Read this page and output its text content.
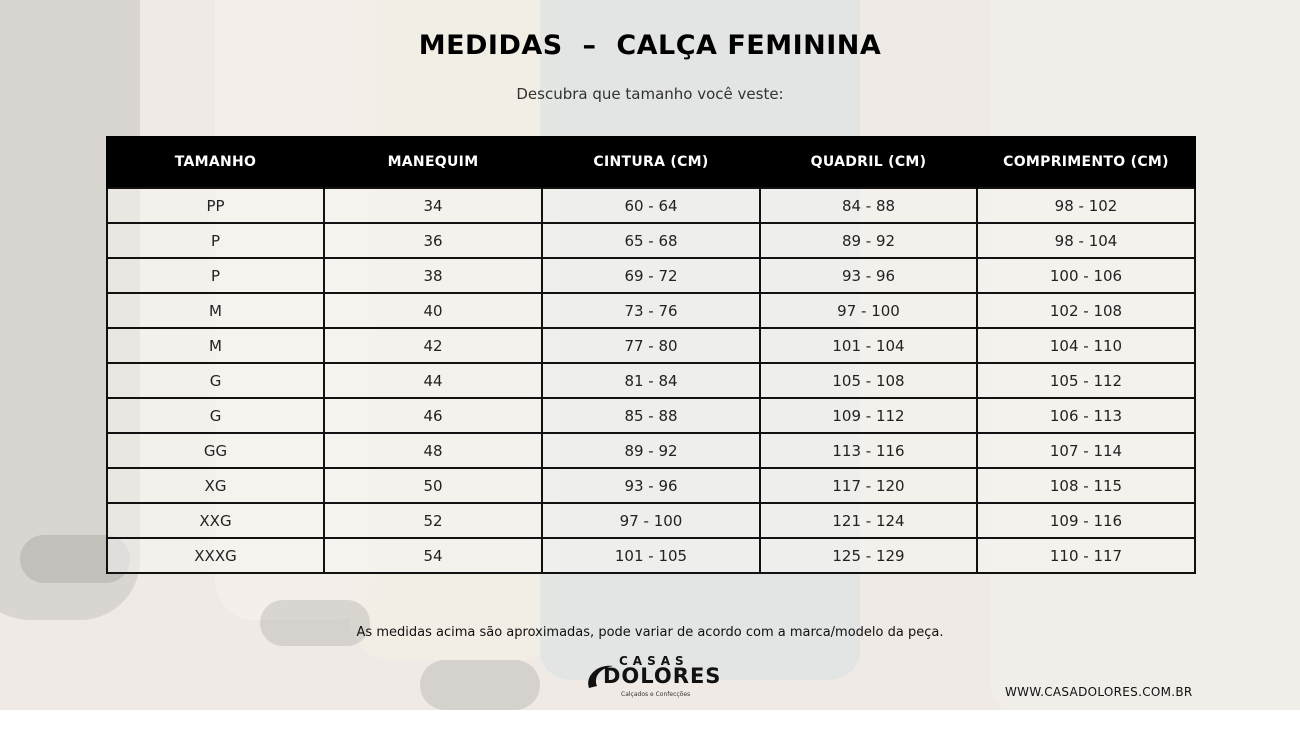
MEDIDAS  –  CALÇA FEMININA
Descubra que tamanho você veste:
TAMANHO	MANEQUIM	CINTURA (CM)	QUADRIL (CM)	COMPRIMENTO (CM)
PP	34	60 - 64	84 - 88	98 - 102
P	36	65 - 68	89 - 92	98 - 104
P	38	69 - 72	93 - 96	100 - 106
M	40	73 - 76	97 - 100	102 - 108
M	42	77 - 80	101 - 104	104 - 110
G	44	81 - 84	105 - 108	105 - 112
G	46	85 - 88	109 - 112	106 - 113
GG	48	89 - 92	113 - 116	107 - 114
XG	50	93 - 96	117 - 120	108 - 115
XXG	52	97 - 100	121 - 124	109 - 116
XXXG	54	101 - 105	125 - 129	110 - 117
As medidas acima são aproximadas, pode variar de acordo com a marca/modelo da peça.
CASAS
DOLORES
Calçados e Confecções	WWW.CASADOLORES.COM.BR
